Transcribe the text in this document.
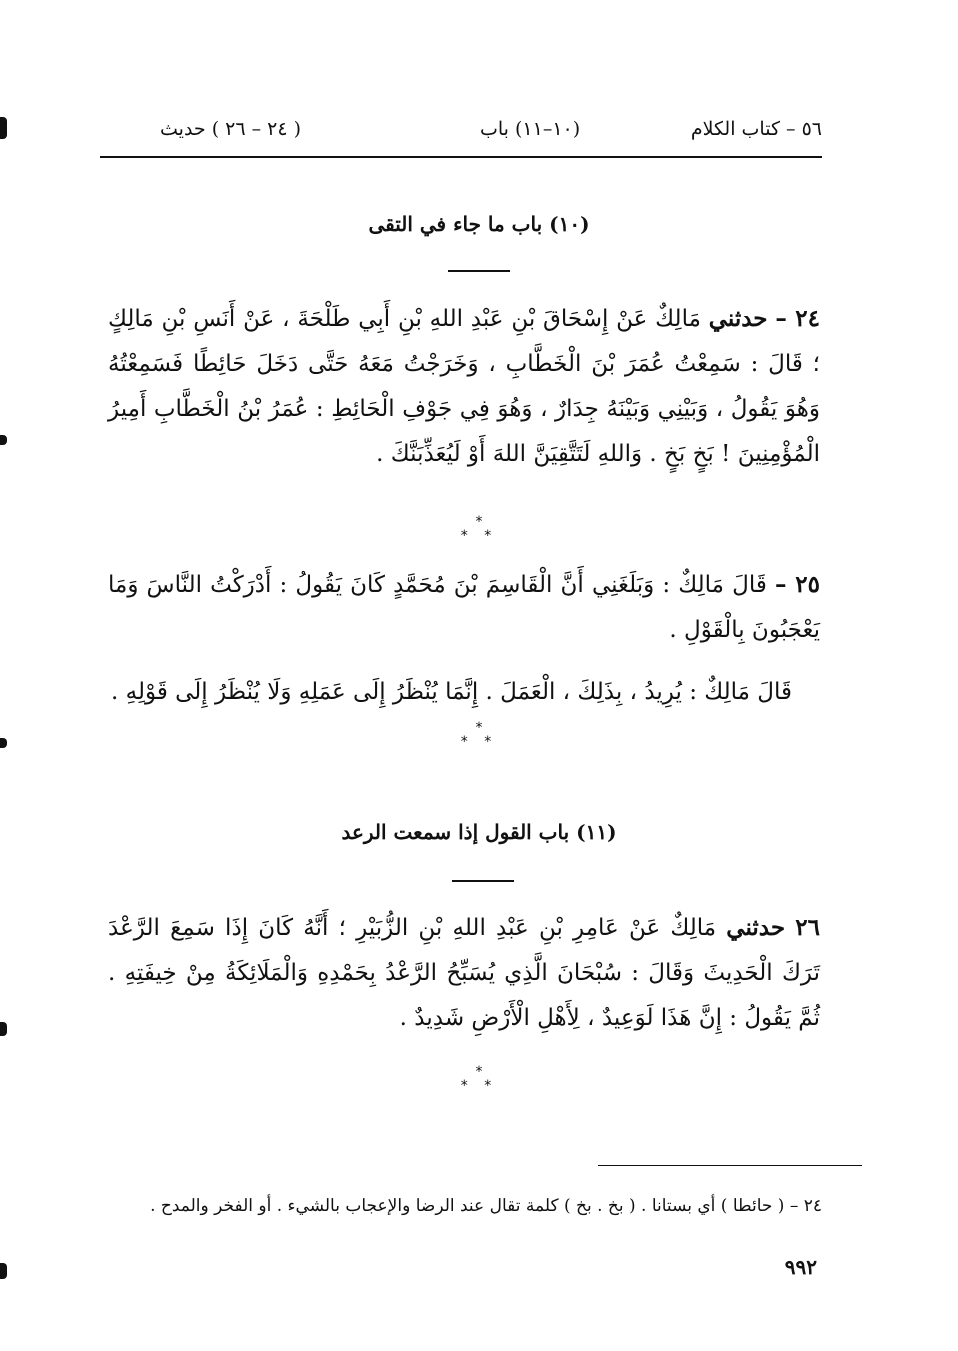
٥٦ – كتاب الكلام
(١٠–١١) باب
( ٢٤ – ٢٦ ) حديث
(١٠) باب ما جاء في التقى
٢٤ – حدثني مَالِكٌ عَنْ إِسْحَاقَ بْنِ عَبْدِ اللهِ بْنِ أَبِي طَلْحَةَ ، عَنْ أَنَسِ بْنِ مَالِكٍ ؛ قَالَ : سَمِعْتُ عُمَرَ بْنَ الْخَطَّابِ ، وَخَرَجْتُ مَعَهُ حَتَّى دَخَلَ حَائِطًا فَسَمِعْتُهُ وَهُوَ يَقُولُ ، وَبَيْنِي وَبَيْنَهُ جِدَارٌ ، وَهُوَ فِي جَوْفِ الْحَائِطِ : عُمَرُ بْنُ الْخَطَّابِ أَمِيرُ الْمُؤْمِنِينَ ! بَخٍ بَخٍ . وَاللهِ لَتَتَّقِيَنَّ اللهَ أَوْ لَيُعَذِّبَنَّكَ .
*
* *
٢٥ – قَالَ مَالِكٌ : وَبَلَغَنِي أَنَّ الْقَاسِمَ بْنَ مُحَمَّدٍ كَانَ يَقُولُ : أَدْرَكْتُ النَّاسَ وَمَا يَعْجَبُونَ بِالْقَوْلِ .
قَالَ مَالِكٌ : يُرِيدُ ، بِذَلِكَ ، الْعَمَلَ . إِنَّمَا يُنْظَرُ إِلَى عَمَلِهِ وَلَا يُنْظَرُ إِلَى قَوْلِهِ .
*
* *
(١١) باب القول إذا سمعت الرعد
٢٦ حدثني مَالِكٌ عَنْ عَامِرِ بْنِ عَبْدِ اللهِ بْنِ الزُّبَيْرِ ؛ أَنَّهُ كَانَ إِذَا سَمِعَ الرَّعْدَ تَرَكَ الْحَدِيثَ وَقَالَ : سُبْحَانَ الَّذِي يُسَبِّحُ الرَّعْدُ بِحَمْدِهِ وَالْمَلَائِكَةُ مِنْ خِيفَتِهِ . ثُمَّ يَقُولُ : إِنَّ هَذَا لَوَعِيدٌ ، لِأَهْلِ الْأَرْضِ شَدِيدٌ .
*
* *
٢٤ – ( حائطا ) أي بستانا . ( بخ . بخ ) كلمة تقال عند الرضا والإعجاب بالشيء . أو الفخر والمدح .
٩٩٢
